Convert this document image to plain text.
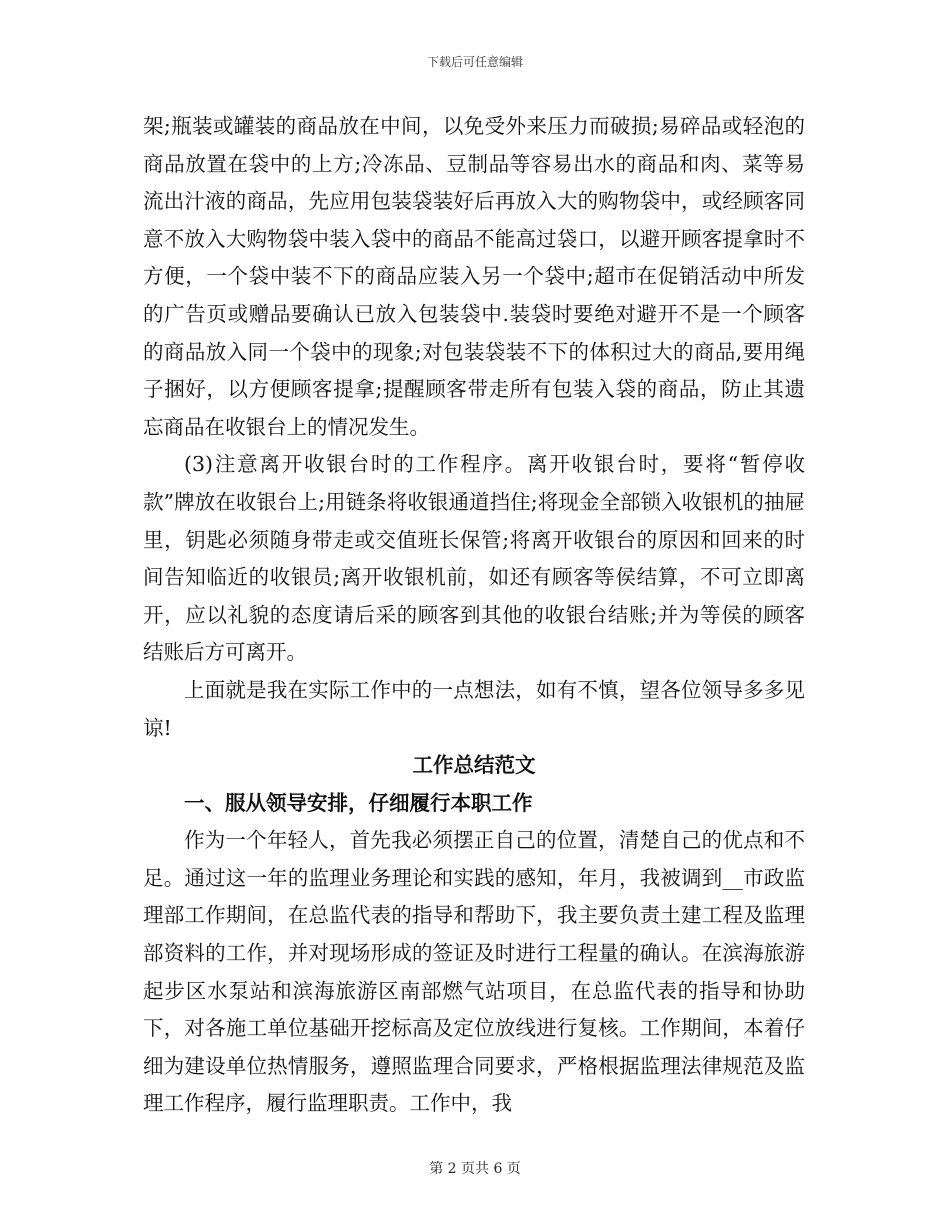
下载后可任意编辑

架;瓶装或罐装的商品放在中间，以免受外来压力而破损;易碎品或轻泡的商品放置在袋中的上方;冷冻品、豆制品等容易出水的商品和肉、菜等易流出汁液的商品，先应用包装袋装好后再放入大的购物袋中，或经顾客同意不放入大购物袋中装入袋中的商品不能高过袋口，以避开顾客提拿时不方便，一个袋中装不下的商品应装入另一个袋中;超市在促销活动中所发的广告页或赠品要确认已放入包装袋中.装袋时要绝对避开不是一个顾客的商品放入同一个袋中的现象;对包装袋装不下的体积过大的商品,要用绳子捆好，以方便顾客提拿;提醒顾客带走所有包装入袋的商品，防止其遗忘商品在收银台上的情况发生。

(3)注意离开收银台时的工作程序。离开收银台时，要将“暂停收款”牌放在收银台上;用链条将收银通道挡住;将现金全部锁入收银机的抽屉里，钥匙必须随身带走或交值班长保管;将离开收银台的原因和回来的时间告知临近的收银员;离开收银机前，如还有顾客等侯结算，不可立即离开，应以礼貌的态度请后采的顾客到其他的收银台结账;并为等侯的顾客结账后方可离开。

上面就是我在实际工作中的一点想法，如有不慎，望各位领导多多见谅!

工作总结范文

一、服从领导安排，仔细履行本职工作

作为一个年轻人，首先我必须摆正自己的位置，清楚自己的优点和不足。通过这一年的监理业务理论和实践的感知，年月，我被调到__市政监理部工作期间，在总监代表的指导和帮助下，我主要负责土建工程及监理部资料的工作，并对现场形成的签证及时进行工程量的确认。在滨海旅游起步区水泵站和滨海旅游区南部燃气站项目，在总监代表的指导和协助下，对各施工单位基础开挖标高及定位放线进行复核。工作期间，本着仔细为建设单位热情服务，遵照监理合同要求，严格根据监理法律规范及监理工作程序，履行监理职责。工作中，我

第 2 页共 6 页
